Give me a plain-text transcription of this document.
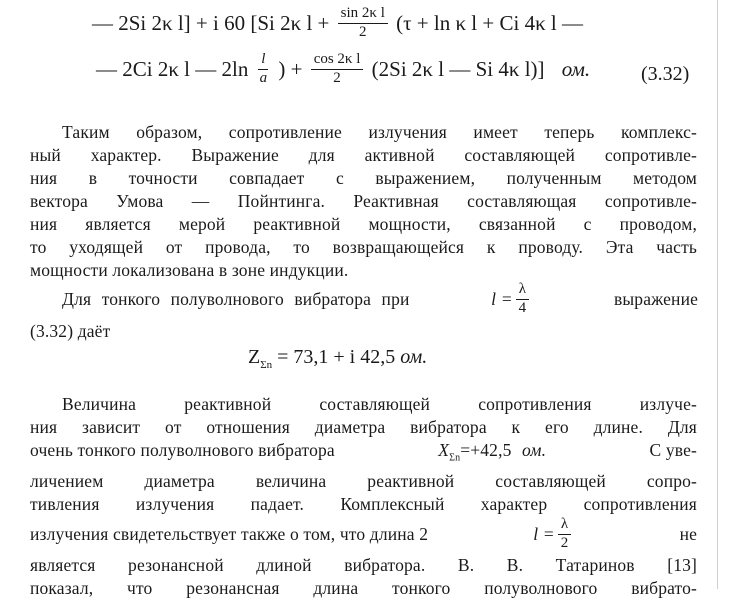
— 2Si 2κ l] + i 60 [Si 2κ $l + \frac{\text{sin 2κ l}}{2} (\tau + \ln \kappa$ l + Ci 4κ l —
— 2Ci 2κ l — $2\ln \frac{l}{a}$ ) + $\frac{\text{cos 2κ l}}{2} (2Si$ 2κ l — Si 4κ l)] ом.	(3.32)
Таким образом, сопротивление излучения имеет теперь комплекс-
ный характер. Выражение для активной составляющей сопротивле-
ния в точности совпадает с выражением, полученным методом
вектора Умова — Пойнтинга. Реактивная составляющая сопротивле-
ния является мерой реактивной мощности, связанной с проводом,
то уходящей от провода, то возвращающейся к проводу. Эта часть
мощности локализована в зоне индукции.
Для тонкого полуволнового вибратора при	$l = \frac{\lambda}{4}$	выражение
(3.32) даёт
$Z_{\Sigma n} = 73,1 + i$ 42,5 ом.
Величина реактивной составляющей сопротивления излуче-
ния зависит от отношения диаметра вибратора к его длине. Для
очень тонкого полуволнового вибратора	$X_{\Sigma n}=+42,5$ ом.	С уве-
личением диаметра величина реактивной составляющей сопро-
тивления излучения падает. Комплексный характер сопротивления
излучения свидетельствует также о том, что длина 2	$l = \frac{\lambda}{2}$	не
является резонансной длиной вибратора. В. В. Татаринов [13]
показал, что резонансная длина тонкого полуволнового вибрато-
